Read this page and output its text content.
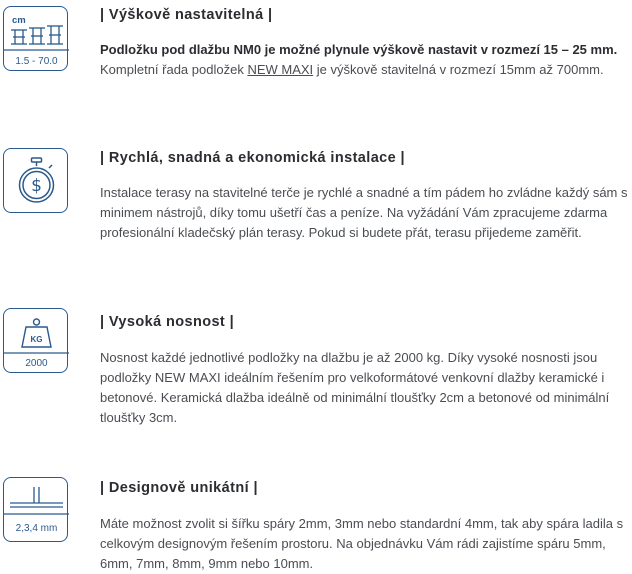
cm
1.5 - 70.0
| Výškově nastavitelná |
Podložku pod dlažbu NM0 je možné plynule výškově nastavit v rozmezí 15 – 25 mm. Kompletní řada podložek NEW MAXI je výškově stavitelná v rozmezí 15mm až 700mm.
$
| Rychlá, snadná a ekonomická instalace |
Instalace terasy na stavitelné terče je rychlé a snadné a tím pádem ho zvládne každý sám s minimem nástrojů, díky tomu ušetří čas a peníze. Na vyžádání Vám zpracujeme zdarma profesionální kladečský plán terasy. Pokud si budete přát, terasu přijedeme zaměřit.
KG
2000
| Vysoká nosnost |
Nosnost každé jednotlivé podložky na dlažbu je až 2000 kg. Díky vysoké nosnosti jsou podložky NEW MAXI ideálním řešením pro velkoformátové venkovní dlažby keramické i betonové. Keramická dlažba ideálně od minimální tloušťky 2cm a betonové od minimální tloušťky 3cm.
2,3,4 mm
| Designově unikátní |
Máte možnost zvolit si šířku spáry 2mm, 3mm nebo standardní 4mm, tak aby spára ladila s celkovým designovým řešením prostoru. Na objednávku Vám rádi zajistíme spáru 5mm, 6mm, 7mm, 8mm, 9mm nebo 10mm.
